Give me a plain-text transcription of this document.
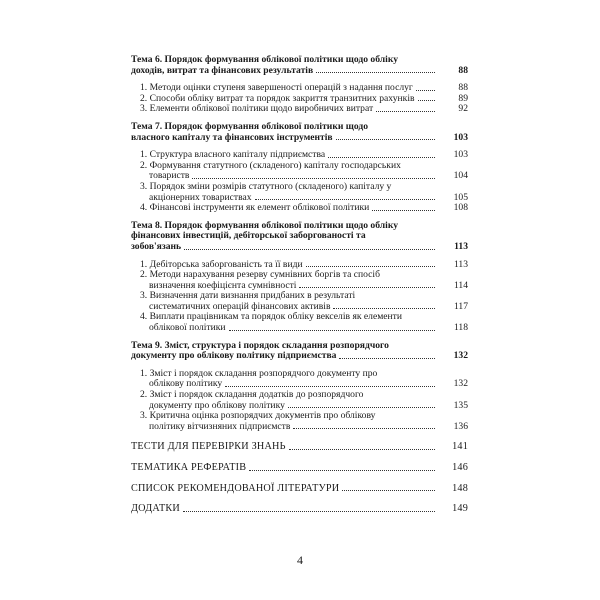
Тема 6. Порядок формування облікової політики щодо обліку
доходів, витрат та фінансових результатів	88
1. Методи оцінки ступеня завершеності операцій з надання послуг	88
2. Способи обліку витрат та порядок закриття транзитних рахунків	89
3. Елементи облікової політики щодо виробничих витрат	92
Тема 7. Порядок формування облікової політики щодо
власного капіталу та фінансових інструментів	103
1. Структура власного капіталу підприємства	103
2. Формування статутного (складеного) капіталу господарських
товариств	104
3. Порядок зміни розмірів статутного (складеного) капіталу у
акціонерних товариствах	105
4. Фінансові інструменти як елемент облікової політики	108
Тема 8. Порядок формування облікової політики щодо обліку
фінансових інвестицій, дебіторської заборгованості та
зобов'язань	113
1. Дебіторська заборгованість та її види	113
2. Методи нарахування резерву сумнівних боргів та спосіб
визначення коефіцієнта сумнівності	114
3. Визначення дати визнання придбаних в результаті
систематичних операцій фінансових активів	117
4. Виплати працівникам та порядок обліку векселів як елементи
облікової політики	118
Тема 9. Зміст, структура і порядок складання розпорядчого
документу про облікову політику підприємства	132
1. Зміст і порядок складання розпорядчого документу про
облікову політику	132
2. Зміст і порядок складання додатків до розпорядчого
документу про облікову політику	135
3. Критична оцінка розпорядчих документів про облікову
політику вітчизняних підприємств	136
ТЕСТИ ДЛЯ ПЕРЕВІРКИ ЗНАНЬ	141
ТЕМАТИКА РЕФЕРАТІВ	146
СПИСОК РЕКОМЕНДОВАНОЇ ЛІТЕРАТУРИ	148
ДОДАТКИ	149
4
